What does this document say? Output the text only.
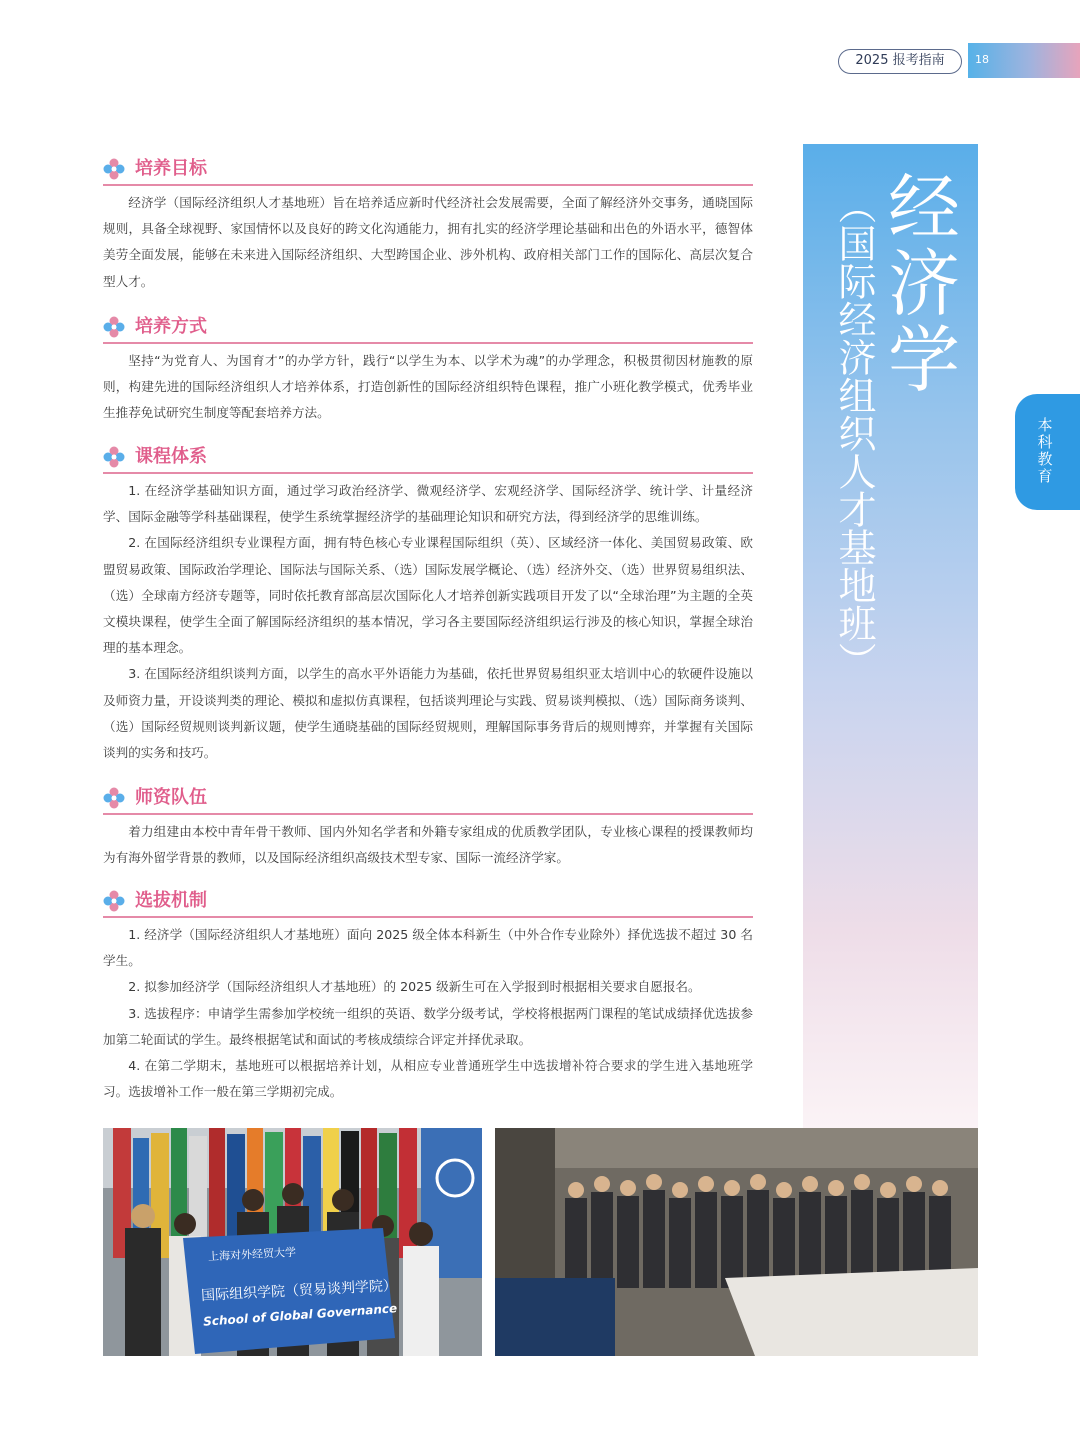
2025 报考指南	18
经济学
（国际经济组织人才基地班）	本科教育
培养目标

经济学（国际经济组织人才基地班）旨在培养适应新时代经济社会发展需要，全面了解经济外交事务，通晓国际规则，具备全球视野、家国情怀以及良好的跨文化沟通能力，拥有扎实的经济学理论基础和出色的外语水平，德智体美劳全面发展，能够在未来进入国际经济组织、大型跨国企业、涉外机构、政府相关部门工作的国际化、高层次复合型人才。

培养方式

坚持“为党育人、为国育才”的办学方针，践行“以学生为本、以学术为魂”的办学理念，积极贯彻因材施教的原则，构建先进的国际经济组织人才培养体系，打造创新性的国际经济组织特色课程，推广小班化教学模式，优秀毕业生推荐免试研究生制度等配套培养方法。

课程体系

1. 在经济学基础知识方面，通过学习政治经济学、微观经济学、宏观经济学、国际经济学、统计学、计量经济学、国际金融等学科基础课程，使学生系统掌握经济学的基础理论知识和研究方法，得到经济学的思维训练。

2. 在国际经济组织专业课程方面，拥有特色核心专业课程国际组织（英）、区域经济一体化、美国贸易政策、欧盟贸易政策、国际政治学理论、国际法与国际关系、（选）国际发展学概论、（选）经济外交、（选）世界贸易组织法、（选）全球南方经济专题等，同时依托教育部高层次国际化人才培养创新实践项目开发了以“全球治理”为主题的全英文模块课程，使学生全面了解国际经济组织的基本情况，学习各主要国际经济组织运行涉及的核心知识，掌握全球治理的基本理念。

3. 在国际经济组织谈判方面，以学生的高水平外语能力为基础，依托世界贸易组织亚太培训中心的软硬件设施以及师资力量，开设谈判类的理论、模拟和虚拟仿真课程，包括谈判理论与实践、贸易谈判模拟、（选）国际商务谈判、（选）国际经贸规则谈判新议题，使学生通晓基础的国际经贸规则，理解国际事务背后的规则博弈，并掌握有关国际谈判的实务和技巧。

师资队伍

着力组建由本校中青年骨干教师、国内外知名学者和外籍专家组成的优质教学团队，专业核心课程的授课教师均为有海外留学背景的教师，以及国际经济组织高级技术型专家、国际一流经济学家。

选拔机制

1. 经济学（国际经济组织人才基地班）面向 2025 级全体本科新生（中外合作专业除外）择优选拔不超过 30 名学生。

2. 拟参加经济学（国际经济组织人才基地班）的 2025 级新生可在入学报到时根据相关要求自愿报名。

3. 选拔程序：申请学生需参加学校统一组织的英语、数学分级考试，学校将根据两门课程的笔试成绩择优选拔参加第二轮面试的学生。最终根据笔试和面试的考核成绩综合评定并择优录取。

4. 在第二学期末，基地班可以根据培养计划，从相应专业普通班学生中选拔增补符合要求的学生进入基地班学习。选拔增补工作一般在第三学期初完成。

上海对外经贸大学
国际组织学院（贸易谈判学院）
School of Global Governance
